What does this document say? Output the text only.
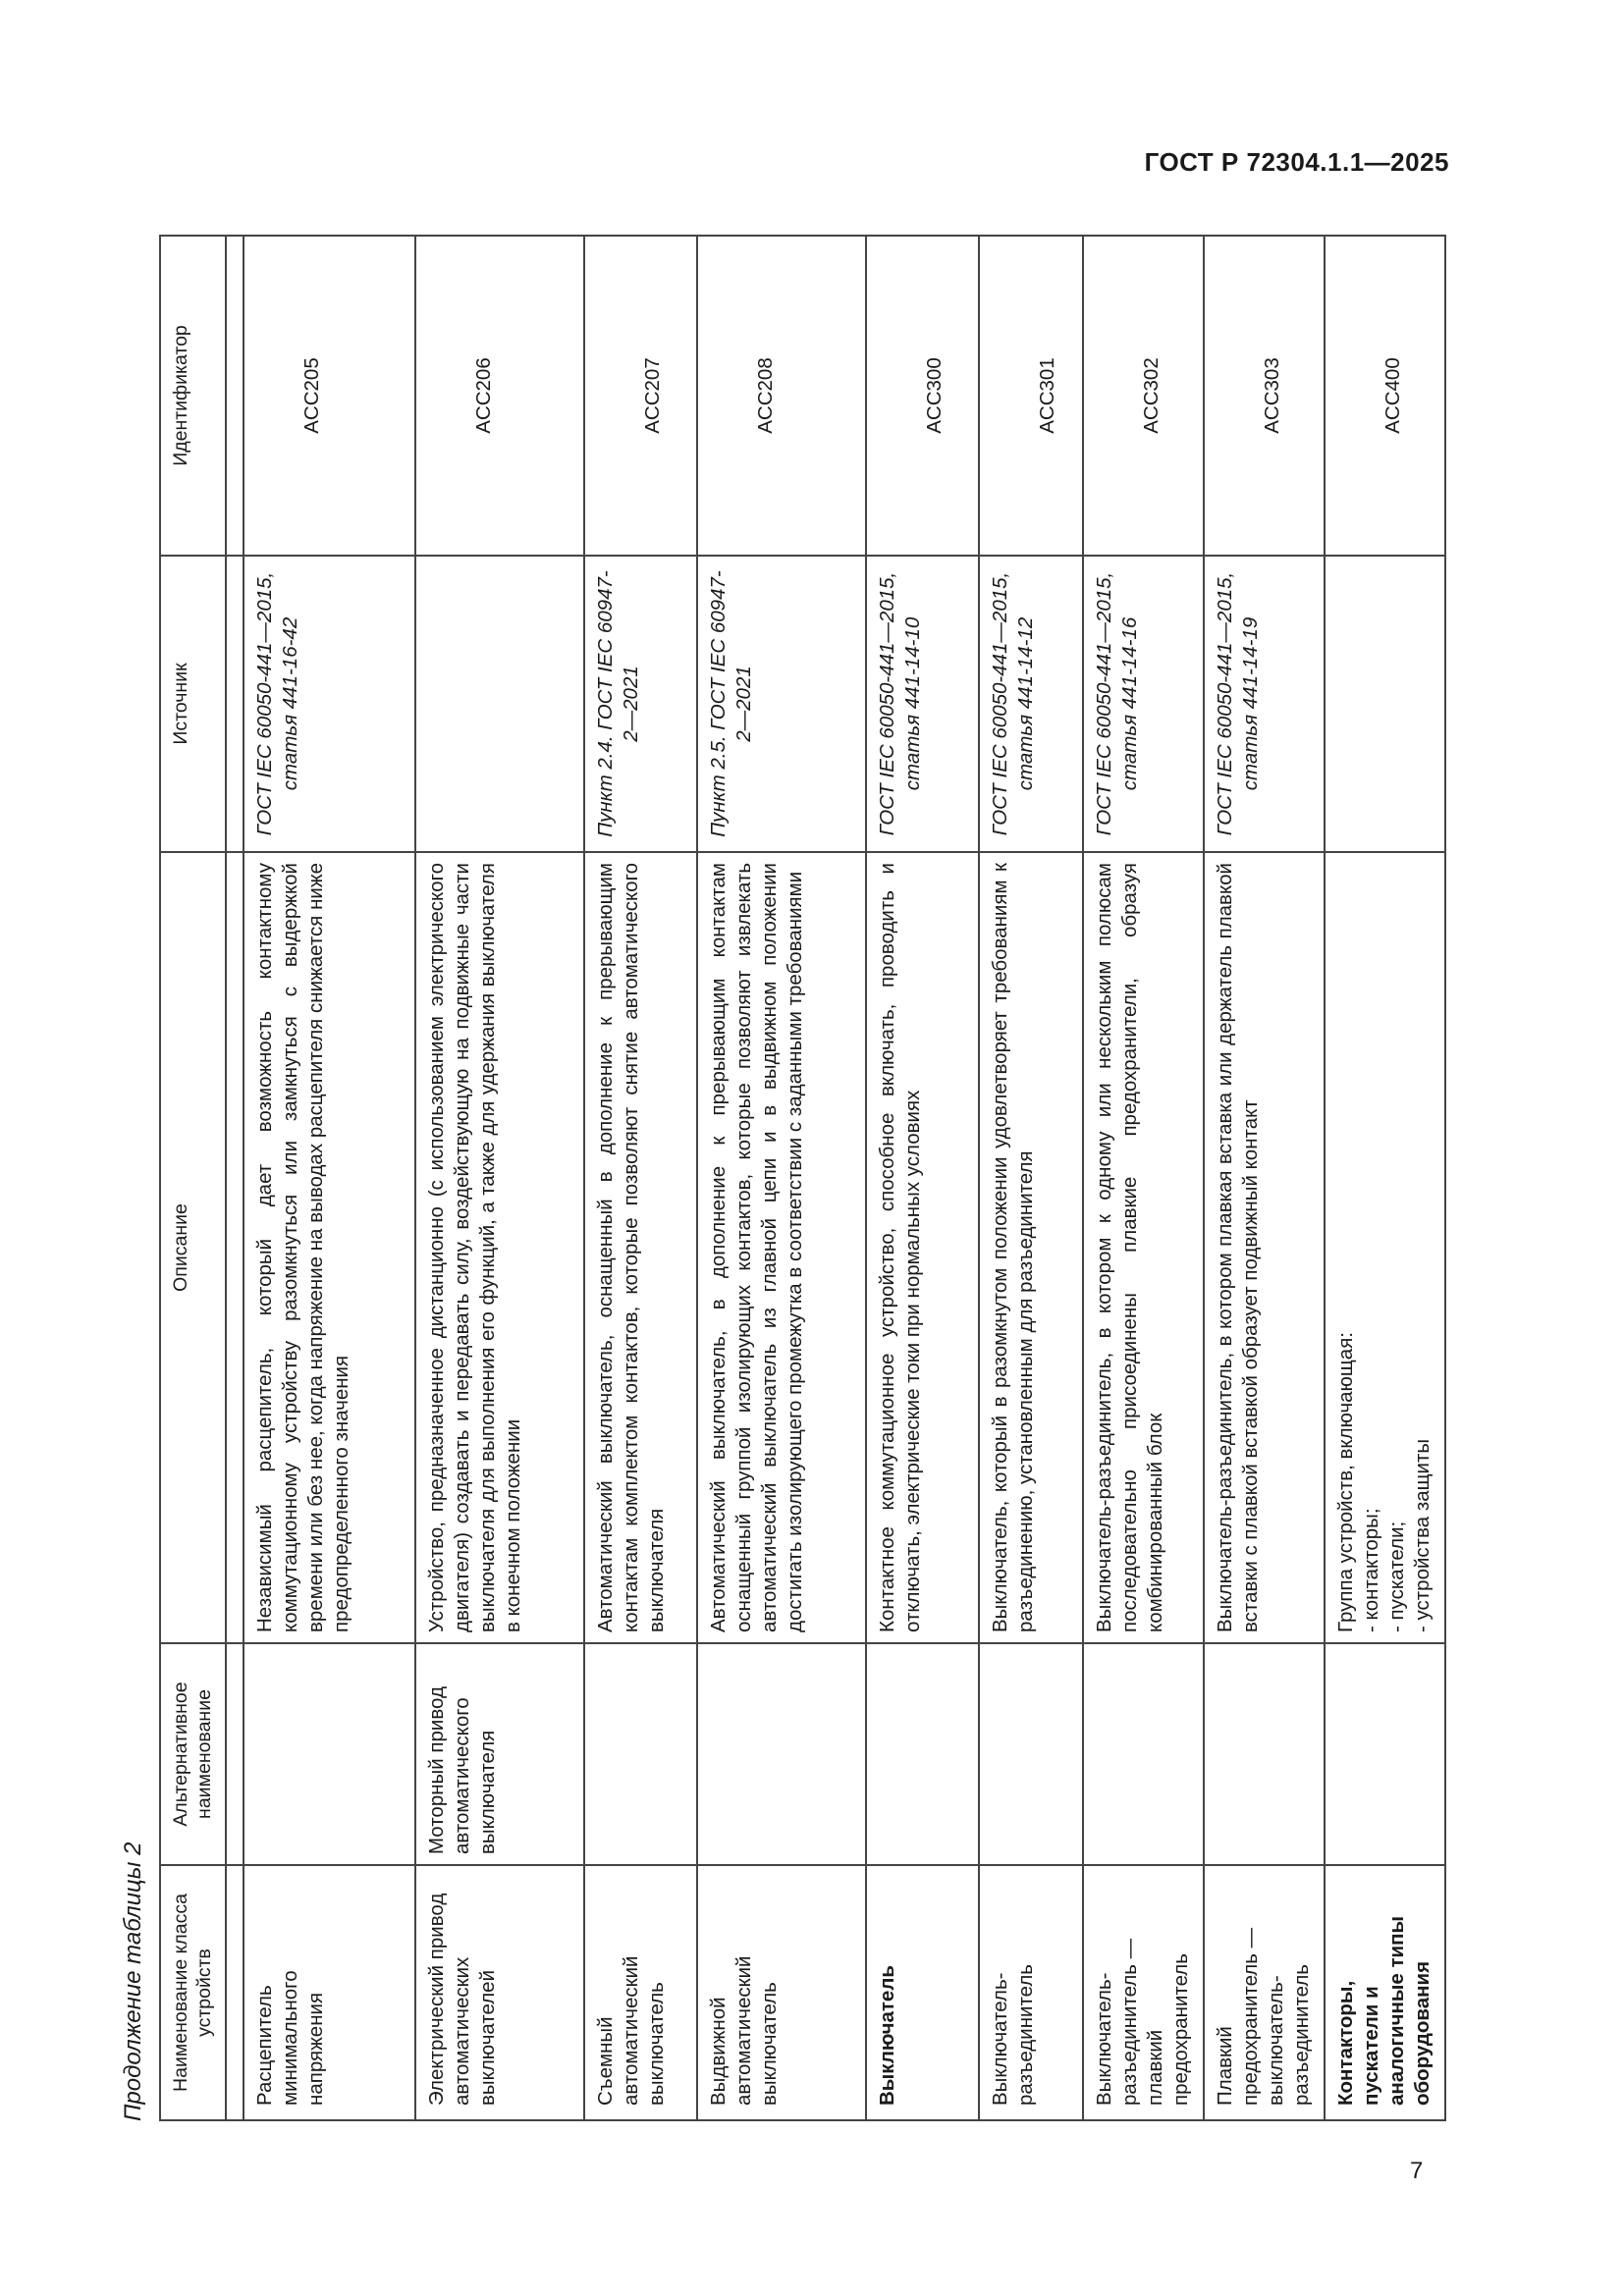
ГОСТ Р 72304.1.1—2025
7
Продолжение таблицы 2	Наименование класса устройств	Альтернативное наименование	Описание	Источник	Идентификатор

Расцепитель минимального напряжения		Независимый расцепитель, который дает возможность контактному коммутационному устройству разомкнуться или замкнуться с выдержкой времени или без нее, когда напряжение на выводах расцепителя снижается ниже предопределенного значения	ГОСТ IEC 60050-441—2015, статья 441-16-42	ACC205
Электрический привод автоматических выключателей	Моторный привод автоматического выключателя	Устройство, предназначенное дистанционно (с использованием электрического двигателя) создавать и передавать силу, воздействующую на подвижные части выключателя для выполнения его функций, а также для удержания выключателя в конечном положении		ACC206
Съемный автоматический выключатель		Автоматический выключатель, оснащенный в дополнение к прерывающим контактам комплектом контактов, которые позволяют снятие автоматического выключателя	Пункт 2.4. ГОСТ IEC 60947-2—2021	ACC207
Выдвижной автоматический выключатель		Автоматический выключатель, в дополнение к прерывающим контактам оснащенный группой изолирующих контактов, которые позволяют извлекать автоматический выключатель из главной цепи и в выдвижном положении достигать изолирующего промежутка в соответствии с заданными требованиями	Пункт 2.5. ГОСТ IEC 60947-2—2021	ACC208
Выключатель		Контактное коммутационное устройство, способное включать, проводить и отключать, электрические токи при нормальных условиях	ГОСТ IEC 60050-441—2015, статья 441-14-10	ACC300
Выключатель-разъединитель		Выключатель, который в разомкнутом положении удовлетворяет требованиям к разъединению, установленным для разъединителя	ГОСТ IEC 60050-441—2015, статья 441-14-12	ACC301
Выключатель-разъединитель — плавкий предохранитель		Выключатель-разъединитель, в котором к одному или нескольким полюсам последовательно присоединены плавкие предохранители, образуя комбинированный блок	ГОСТ IEC 60050-441—2015, статья 441-14-16	ACC302
Плавкий предохранитель — выключатель-разъединитель		Выключатель-разъединитель, в котором плавкая вставка или держатель плавкой вставки с плавкой вставкой образует подвижный контакт	ГОСТ IEC 60050-441—2015, статья 441-14-19	ACC303
Контакторы, пускатели и аналогичные типы оборудования		Группа устройств, включающая: - контакторы; - пускатели; - устройства защиты		ACC400
